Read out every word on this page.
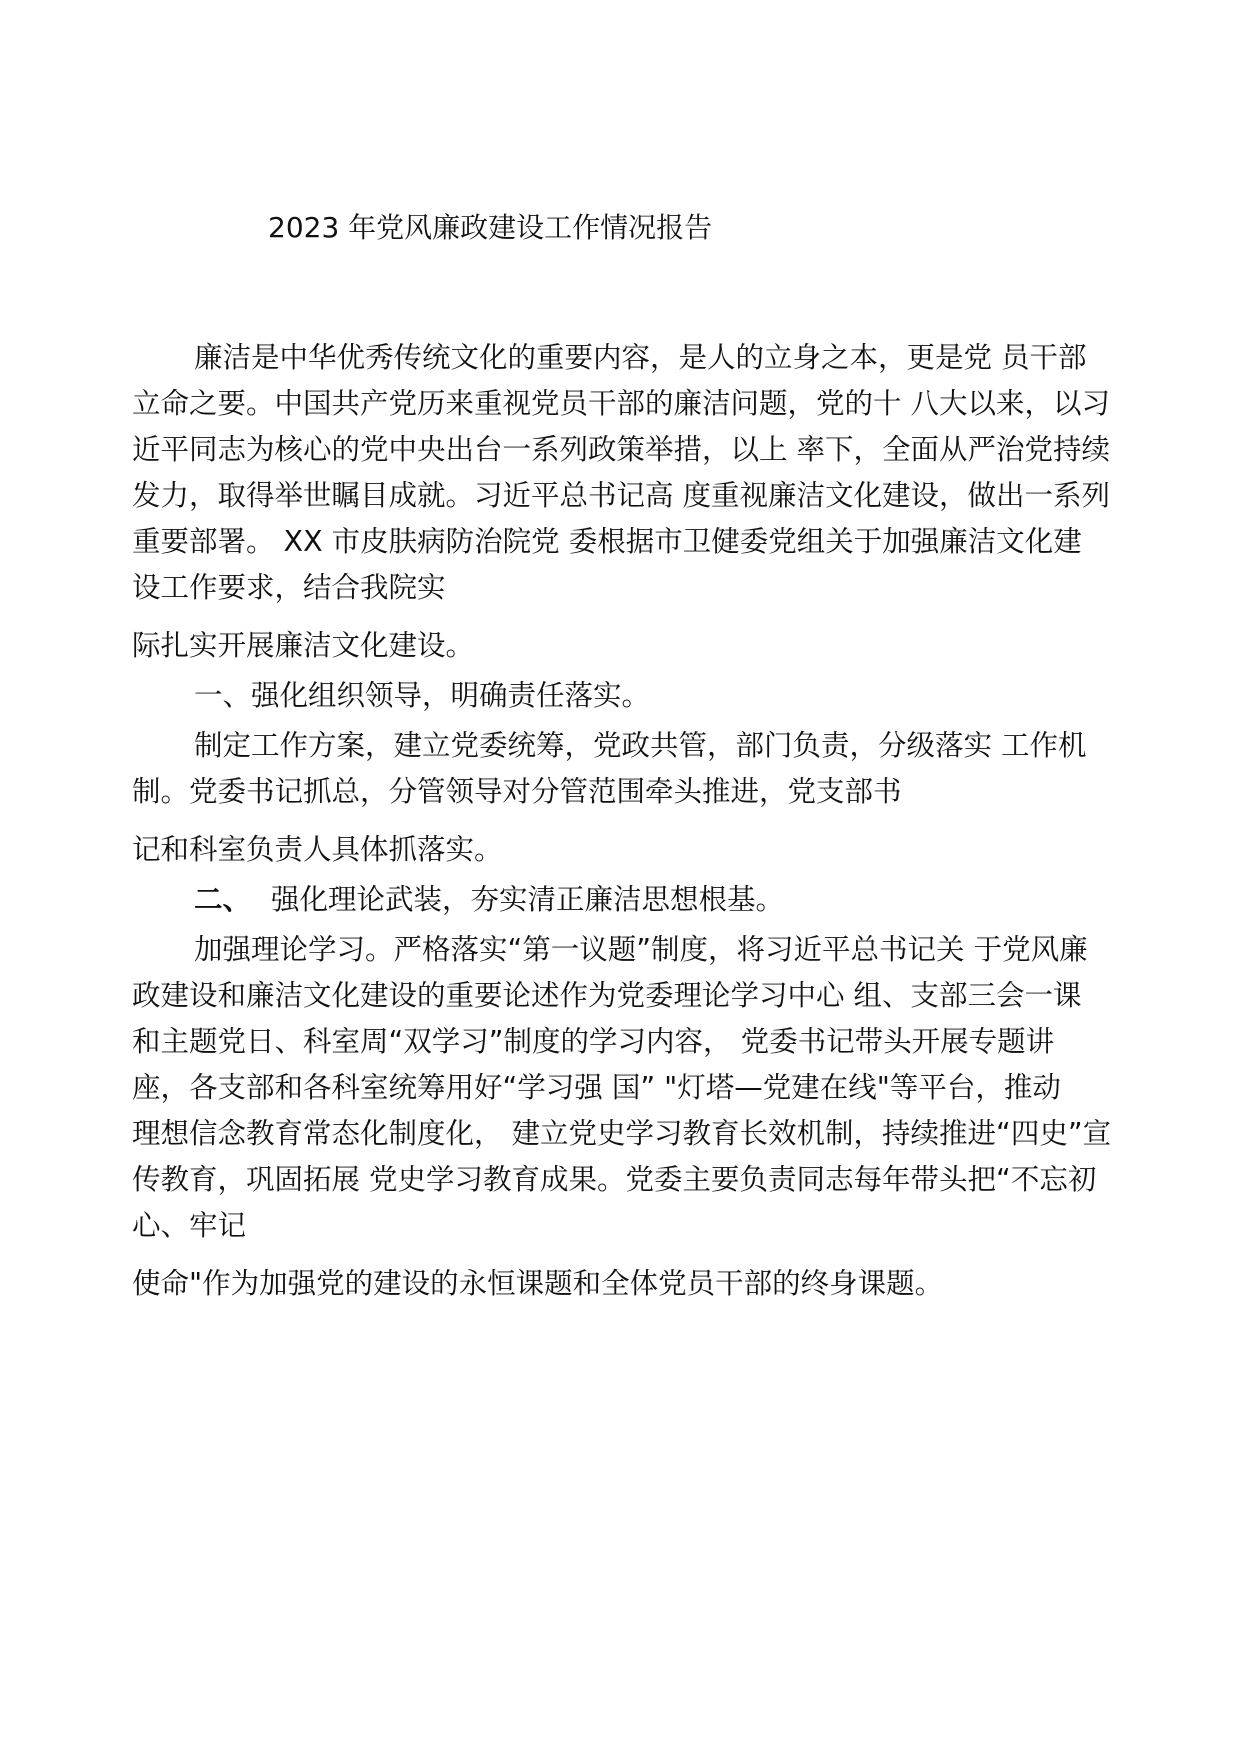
2023 年党风廉政建设工作情况报告
廉洁是中华优秀传统文化的重要内容，是人的立身之本，更是党 员干部
立命之要。中国共产党历来重视党员干部的廉洁问题，党的十 八大以来，以习
近平同志为核心的党中央出台一系列政策举措，以上 率下，全面从严治党持续
发力，取得举世瞩目成就。习近平总书记高 度重视廉洁文化建设，做出一系列
重要部署。 XX 市皮肤病防治院党 委根据市卫健委党组关于加强廉洁文化建
设工作要求，结合我院实
际扎实开展廉洁文化建设。
一、强化组织领导，明确责任落实。
制定工作方案，建立党委统筹，党政共管，部门负责，分级落实 工作机
制。党委书记抓总，分管领导对分管范围牵头推进，党支部书
记和科室负责人具体抓落实。
二、 强化理论武装，夯实清正廉洁思想根基。
加强理论学习。严格落实“第一议题”制度，将习近平总书记关 于党风廉
政建设和廉洁文化建设的重要论述作为党委理论学习中心 组、支部三会一课
和主题党日、科室周“双学习”制度的学习内容， 党委书记带头开展专题讲
座，各支部和各科室统筹用好“学习强 国” "灯塔—党建在线"等平台，推动
理想信念教育常态化制度化， 建立党史学习教育长效机制，持续推进“四史”宣
传教育，巩固拓展 党史学习教育成果。党委主要负责同志每年带头把“不忘初
心、牢记
使命"作为加强党的建设的永恒课题和全体党员干部的终身课题。
